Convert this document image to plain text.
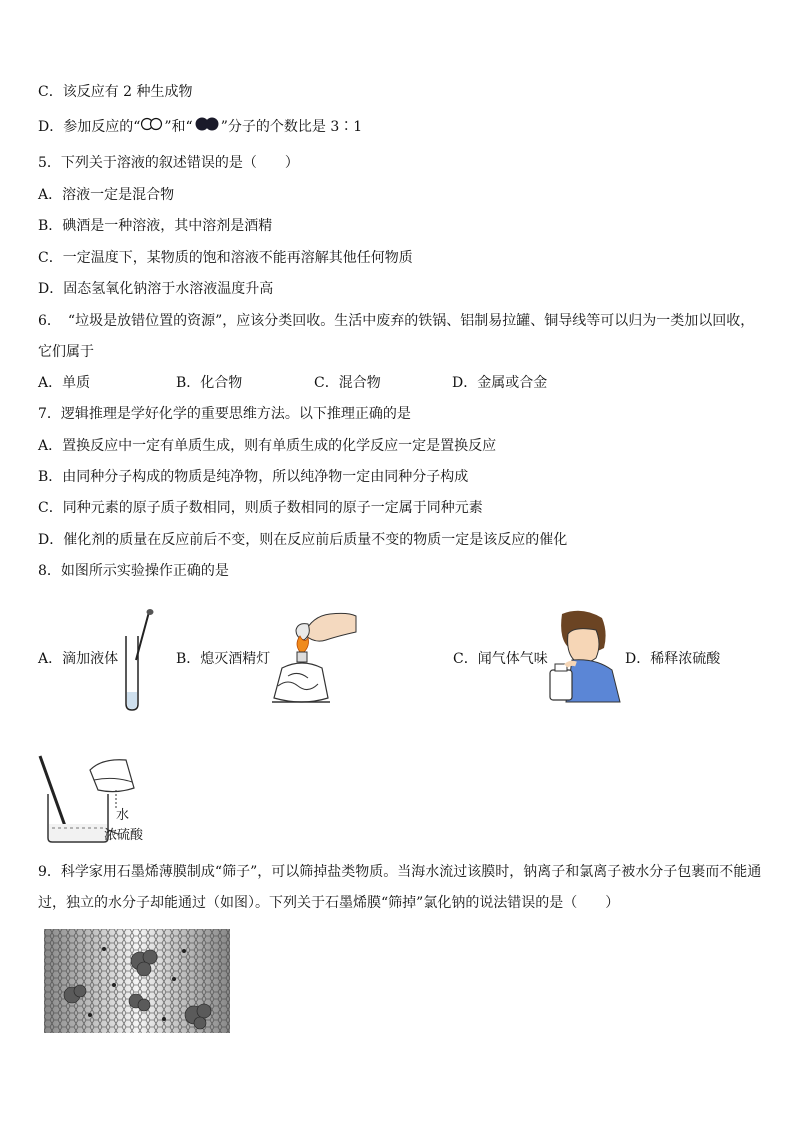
C．该反应有 2 种生成物
D．参加反应的“ ”和“ ”分子的个数比是 3∶1
5．下列关于溶液的叙述错误的是（　　）
A．溶液一定是混合物
B．碘酒是一种溶液，其中溶剂是酒精
C．一定温度下，某物质的饱和溶液不能再溶解其他任何物质
D．固态氢氧化钠溶于水溶液温度升高
6．　“垃圾是放错位置的资源”，应该分类回收。生活中废弃的铁锅、铝制易拉罐、铜导线等可以归为一类加以回收，
它们属于
A．单质	B．化合物	C．混合物	D．金属或合金
7．逻辑推理是学好化学的重要思维方法。以下推理正确的是
A．置换反应中一定有单质生成，则有单质生成的化学反应一定是置换反应
B．由同种分子构成的物质是纯净物，所以纯净物一定由同种分子构成
C．同种元素的原子质子数相同，则质子数相同的原子一定属于同种元素
D．催化剂的质量在反应前后不变，则在反应前后质量不变的物质一定是该反应的催化
8．如图所示实验操作正确的是
A．滴加液体	B．熄灭酒精灯	C．闻气体气味	D．稀释浓硫酸
水
浓硫酸
9．科学家用石墨烯薄膜制成“筛子”，可以筛掉盐类物质。当海水流过该膜时，钠离子和氯离子被水分子包裹而不能通
过，独立的水分子却能通过（如图）。下列关于石墨烯膜“筛掉”氯化钠的说法错误的是（　　）
